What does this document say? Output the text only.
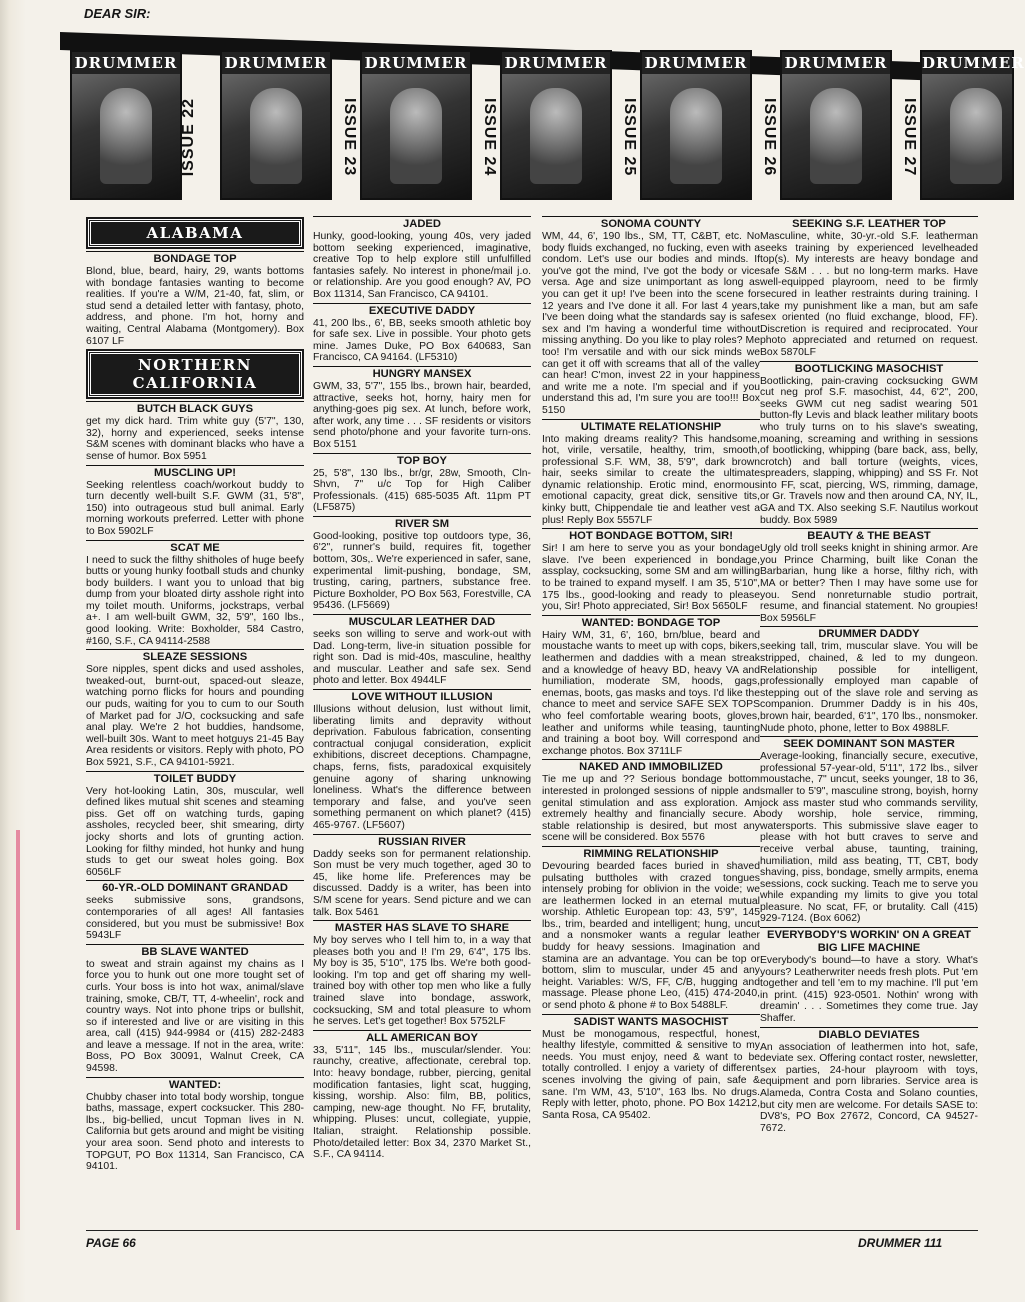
DEAR SIR:
DRUMMER
ISSUE 22
DRUMMER
ISSUE 23
DRUMMER
ISSUE 24
DRUMMER
ISSUE 25
DRUMMER
ISSUE 26
DRUMMER
ISSUE 27
DRUMMER
ALABAMA
BONDAGE TOP

Blond, blue, beard, hairy, 29, wants bottoms with bondage fantasies wanting to become realities. If you're a W/M, 21-40, fat, slim, or stud send a detailed letter with fantasy, photo, address, and phone. I'm hot, horny and waiting, Central Alabama (Montgomery). Box 6107 LF

NORTHERN CALIFORNIA
BUTCH BLACK GUYS

get my dick hard. Trim white guy (5'7", 130, 32), horny and experienced, seeks intense S&M scenes with dominant blacks who have a sense of humor. Box 5951

MUSCLING UP!

Seeking relentless coach/workout buddy to turn decently well-built S.F. GWM (31, 5'8", 150) into outrageous stud bull animal. Early morning workouts preferred. Letter with phone to Box 5902LF

SCAT ME

I need to suck the filthy shitholes of huge beefy butts or young hunky football studs and chunky body builders. I want you to unload that big dump from your bloated dirty asshole right into my toilet mouth. Uniforms, jockstraps, verbal a+. I am well-built GWM, 32, 5'9", 160 lbs., good looking. Write: Boxholder, 584 Castro, #160, S.F., CA 94114-2588

SLEAZE SESSIONS

Sore nipples, spent dicks and used assholes, tweaked-out, burnt-out, spaced-out sleaze, watching porno flicks for hours and pounding our puds, waiting for you to cum to our South of Market pad for J/O, cocksucking and safe anal play. We're 2 hot buddies, handsome, well-built 30s. Want to meet hotguys 21-45 Bay Area residents or visitors. Reply with photo, PO Box 5921, S.F., CA 94101-5921.

TOILET BUDDY

Very hot-looking Latin, 30s, muscular, well defined likes mutual shit scenes and steaming piss. Get off on watching turds, gaping assholes, recycled beer, shit smearing, dirty jocky shorts and lots of grunting action. Looking for filthy minded, hot hunky and hung studs to get our sweat holes going. Box 6056LF

60-YR.-OLD DOMINANT GRANDAD

seeks submissive sons, grandsons, contemporaries of all ages! All fantasies considered, but you must be submissive! Box 5943LF

BB SLAVE WANTED

to sweat and strain against my chains as I force you to hunk out one more tought set of curls. Your boss is into hot wax, animal/slave training, smoke, CB/T, TT, 4-wheelin', rock and country ways. Not into phone trips or bullshit, so if interested and live or are visiting in this area, call (415) 944-9984 or (415) 282-2483 and leave a message. If not in the area, write: Boss, PO Box 30091, Walnut Creek, CA 94598.

WANTED:

Chubby chaser into total body worship, tongue baths, massage, expert cocksucker. This 280-lbs., big-bellied, uncut Topman lives in N. California but gets around and might be visiting your area soon. Send photo and interests to TOPGUT, PO Box 11314, San Francisco, CA 94101.

JADED

Hunky, good-looking, young 40s, very jaded bottom seeking experienced, imaginative, creative Top to help explore still unfulfilled fantasies safely. No interest in phone/mail j.o. or relationship. Are you good enough? AV, PO Box 11314, San Francisco, CA 94101.

EXECUTIVE DADDY

41, 200 lbs., 6', BB, seeks smooth athletic boy for safe sex. Live in possible. Your photo gets mine. James Duke, PO Box 640683, San Francisco, CA 94164. (LF5310)

HUNGRY MANSEX

GWM, 33, 5'7", 155 lbs., brown hair, bearded, attractive, seeks hot, horny, hairy men for anything-goes pig sex. At lunch, before work, after work, any time . . . SF residents or visitors send photo/phone and your favorite turn-ons. Box 5151

TOP BOY

25, 5'8", 130 lbs., br/gr, 28w, Smooth, Cln-Shvn, 7" u/c Top for High Caliber Professionals. (415) 685-5035 Aft. 11pm PT (LF5875)

RIVER SM

Good-looking, positive top outdoors type, 36, 6'2", runner's build, requires fit, together bottom, 30s,. We're experienced in safer, sane, experimental limit-pushing, bondage, SM, trusting, caring, partners, substance free. Picture Boxholder, PO Box 563, Forestville, CA 95436. (LF5669)

MUSCULAR LEATHER DAD

seeks son willing to serve and work-out with Dad. Long-term, live-in situation possible for right son. Dad is mid-40s, masculine, healthy and muscular. Leather and safe sex. Send photo and letter. Box 4944LF

LOVE WITHOUT ILLUSION

Illusions without delusion, lust without limit, liberating limits and depravity without deprivation. Fabulous fabrication, consenting contractual conjugal consideration, explicit exhibitions, discreet deceptions. Champagne, chaps, ferns, fists, paradoxical exquisitely genuine agony of sharing unknowing loneliness. What's the difference between temporary and false, and you've seen something permanent on which planet? (415) 465-9767. (LF5607)

RUSSIAN RIVER

Daddy seeks son for permanent relationship. Son must be very much together, aged 30 to 45, like home life. Preferences may be discussed. Daddy is a writer, has been into S/M scene for years. Send picture and we can talk. Box 5461

MASTER HAS SLAVE TO SHARE

My boy serves who I tell him to, in a way that pleases both you and I! I'm 29, 6'4", 175 lbs. My boy is 35, 5'10", 175 lbs. We're both good-looking. I'm top and get off sharing my well-trained boy with other top men who like a fully trained slave into bondage, asswork, cocksucking, SM and total pleasure to whom he serves. Let's get together! Box 5752LF

ALL AMERICAN BOY

33, 5'11", 145 lbs., muscular/slender. You: raunchy, creative, affectionate, cerebral top. Into: heavy bondage, rubber, piercing, genital modification fantasies, light scat, hugging, kissing, worship. Also: film, BB, politics, camping, new-age thought. No FF, brutality, whipping. Pluses: uncut, collegiate, yuppie, Italian, straight. Relationship possible. Photo/detailed letter: Box 34, 2370 Market St., S.F., CA 94114.

SONOMA COUNTY

WM, 44, 6', 190 lbs., SM, TT, C&BT, etc. No body fluids exchanged, no fucking, even with a condom. Let's use our bodies and minds. If you've got the mind, I've got the body or vice versa. Age and size unimportant as long as you can get it up! I've been into the scene for 12 years and I've done it all. For last 4 years, I've been doing what the standards say is safe sex and I'm having a wonderful time without missing anything. Do you like to play roles? Me too! I'm versatile and with our sick minds we can get it off with screams that all of the valley can hear! C'mon, invest 22 in your happiness and write me a note. I'm special and if you understand this ad, I'm sure you are too!!! Box 5150

ULTIMATE RELATIONSHIP

Into making dreams reality? This handsome, hot, virile, versatile, healthy, trim, smooth, professional S.F. WM, 38, 5'9", dark brown hair, seeks similar to create the ultimate dynamic relationship. Erotic mind, enormous emotional capacity, great dick, sensitive tits, kinky butt, Chippendale tie and leather vest a plus! Reply Box 5557LF

HOT BONDAGE BOTTOM, SIR!

Sir! I am here to serve you as your bondage slave. I've been experienced in bondage, assplay, cocksucking, some SM and am willing to be trained to expand myself. I am 35, 5'10", 175 lbs., good-looking and ready to please you, Sir! Photo appreciated, Sir! Box 5650LF

WANTED: BONDAGE TOP

Hairy WM, 31, 6', 160, brn/blue, beard and moustache wants to meet up with cops, bikers, leathermen and daddies with a mean streak and a knowledge of heavy BD, heavy VA and humiliation, moderate SM, hoods, gags, enemas, boots, gas masks and toys. I'd like the chance to meet and service SAFE SEX TOPS who feel comfortable wearing boots, gloves, leather and uniforms while teasing, taunting and training a boot boy. Will correspond and exchange photos. Box 3711LF

NAKED AND IMMOBILIZED

Tie me up and ?? Serious bondage bottom interested in prolonged sessions of nipple and genital stimulation and ass exploration. Am extremely healthy and financially secure. A stable relationship is desired, but most any scene will be considered. Box 5576

RIMMING RELATIONSHIP

Devouring bearded faces buried in shaved pulsating buttholes with crazed tongues intensely probing for oblivion in the voide; we are leathermen locked in an eternal mutual worship. Athletic European top: 43, 5'9", 145 lbs., trim, bearded and intelligent; hung, uncut and a nonsmoker wants a regular leather buddy for heavy sessions. Imagination and stamina are an advantage. You can be top or bottom, slim to muscular, under 45 and any height. Variables: W/S, FF, C/B, hugging and massage. Please phone Leo, (415) 474-2040, or send photo & phone # to Box 5488LF.

SADIST WANTS MASOCHIST

Must be monogamous, respectful, honest, healthy lifestyle, committed & sensitive to my needs. You must enjoy, need & want to be totally controlled. I enjoy a variety of different scenes involving the giving of pain, safe & sane. I'm WM, 43, 5'10", 163 lbs. No drugs. Reply with letter, photo, phone. PO Box 14212, Santa Rosa, CA 95402.

SEEKING S.F. LEATHER TOP

Masculine, white, 30-yr.-old S.F. leatherman seeks training by experienced levelheaded top(s). My interests are heavy bondage and safe S&M . . . but no long-term marks. Have well-equipped playroom, need to be firmly secured in leather restraints during training. I take my punishment like a man, but am safe sex oriented (no fluid exchange, blood, FF). Discretion is required and reciprocated. Your photo appreciated and returned on request. Box 5870LF

BOOTLICKING MASOCHIST

Bootlicking, pain-craving cocksucking GWM cut neg prof S.F. masochist, 44, 6'2", 200, seeks GWM cut neg sadist wearing 501 button-fly Levis and black leather military boots who truly turns on to his slave's sweating, moaning, screaming and writhing in sessions of bootlicking, whipping (bare back, ass, belly, crotch) and ball torture (weights, vices, spreaders, slapping, whipping) and SS Fr. Not into FF, scat, piercing, WS, rimming, damage, or Gr. Travels now and then around CA, NY, IL, GA and TX. Also seeking S.F. Nautilus workout buddy. Box 5989

BEAUTY & THE BEAST

Ugly old troll seeks knight in shining armor. Are you Prince Charming, built like Conan the Barbarian, hung like a horse, filthy rich, with MA or better? Then I may have some use for you. Send nonreturnable studio portrait, resume, and financial statement. No groupies! Box 5956LF

DRUMMER DADDY

seeking tall, trim, muscular slave. You will be stripped, chained, & led to my dungeon. Relationship possible for intelligent, professionally employed man capable of stepping out of the slave role and serving as companion. Drummer Daddy is in his 40s, brown hair, bearded, 6'1", 170 lbs., nonsmoker. Nude photo, phone, letter to Box 4988LF.

SEEK DOMINANT SON MASTER

Average-looking, financially secure, executive, professional 57-year-old, 5'11", 172 lbs., silver moustache, 7" uncut, seeks younger, 18 to 36, smaller to 5'9", masculine strong, boyish, horny jock ass master stud who commands servility, body worship, hole service, rimming, watersports. This submissive slave eager to please with hot butt craves to serve and receive verbal abuse, taunting, training, humiliation, mild ass beating, TT, CBT, body shaving, piss, bondage, smelly armpits, enema sessions, cock sucking. Teach me to serve you while expanding my limits to give you total pleasure. No scat, FF, or brutality. Call (415) 929-7124. (Box 6062)

EVERYBODY'S WORKIN' ON A GREAT BIG LIFE MACHINE

Everybody's bound—to have a story. What's yours? Leatherwriter needs fresh plots. Put 'em together and tell 'em to my machine. I'll put 'em in print. (415) 923-0501. Nothin' wrong with dreamin' . . . Sometimes they come true. Jay Shaffer.

DIABLO DEVIATES

An association of leathermen into hot, safe, deviate sex. Offering contact roster, newsletter, sex parties, 24-hour playroom with toys, equipment and porn libraries. Service area is Alameda, Contra Costa and Solano counties, but city men are welcome. For details SASE to: DV8's, PO Box 27672, Concord, CA 94527-7672.

PAGE 66	DRUMMER 111
